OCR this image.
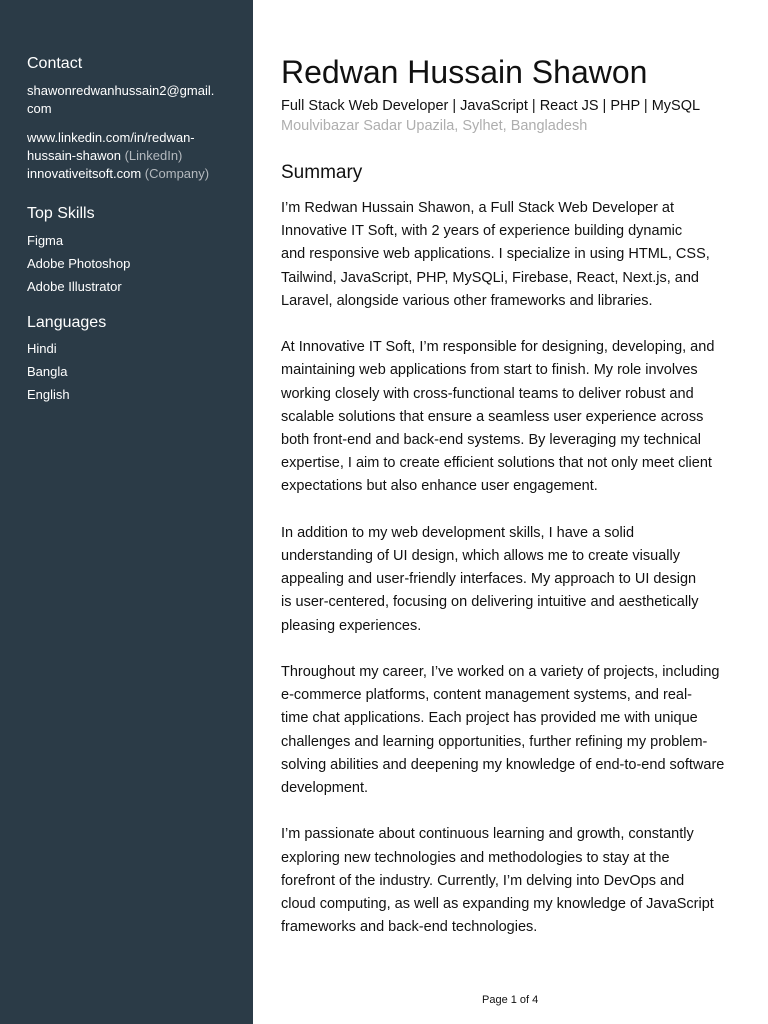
Contact
shawonredwanhussain2@gmail.
com
www.linkedin.com/in/redwan-
hussain-shawon (LinkedIn)
innovativeitsoft.com (Company)
Top Skills
Figma
Adobe Photoshop
Adobe Illustrator
Languages
Hindi
Bangla
English
Redwan Hussain Shawon
Full Stack Web Developer | JavaScript | React JS | PHP | MySQL
Moulvibazar Sadar Upazila, Sylhet, Bangladesh
Summary
I’m Redwan Hussain Shawon, a Full Stack Web Developer at
Innovative IT Soft, with 2 years of experience building dynamic
and responsive web applications. I specialize in using HTML, CSS,
Tailwind, JavaScript, PHP, MySQLi, Firebase, React, Next.js, and
Laravel, alongside various other frameworks and libraries.
At Innovative IT Soft, I’m responsible for designing, developing, and
maintaining web applications from start to finish. My role involves
working closely with cross-functional teams to deliver robust and
scalable solutions that ensure a seamless user experience across
both front-end and back-end systems. By leveraging my technical
expertise, I aim to create efficient solutions that not only meet client
expectations but also enhance user engagement.
In addition to my web development skills, I have a solid
understanding of UI design, which allows me to create visually
appealing and user-friendly interfaces. My approach to UI design
is user-centered, focusing on delivering intuitive and aesthetically
pleasing experiences.
Throughout my career, I’ve worked on a variety of projects, including
e-commerce platforms, content management systems, and real-
time chat applications. Each project has provided me with unique
challenges and learning opportunities, further refining my problem-
solving abilities and deepening my knowledge of end-to-end software
development.
I’m passionate about continuous learning and growth, constantly
exploring new technologies and methodologies to stay at the
forefront of the industry. Currently, I’m delving into DevOps and
cloud computing, as well as expanding my knowledge of JavaScript
frameworks and back-end technologies.
Page 1 of 4
